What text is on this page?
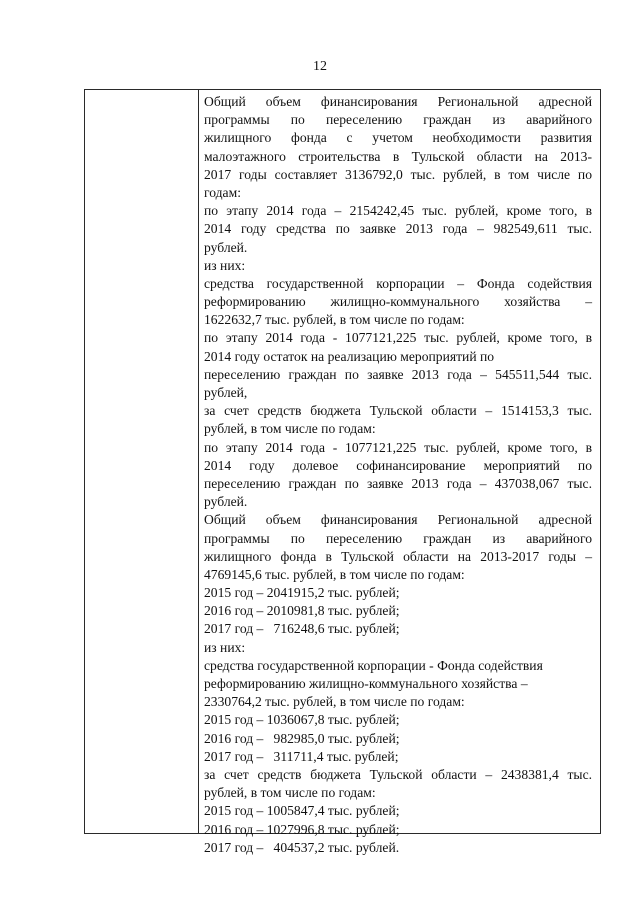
12
Общий объем финансирования Региональной адресной
программы по переселению граждан из аварийного
жилищного фонда с учетом необходимости развития
малоэтажного строительства в Тульской области на 2013-
2017 годы составляет 3136792,0 тыс. рублей, в том числе по
годам:
по этапу 2014 года – 2154242,45 тыс. рублей, кроме того, в
2014 году средства по заявке 2013 года – 982549,611 тыс.
рублей.
из них:
средства государственной корпорации – Фонда содействия
реформированию жилищно-коммунального хозяйства –
1622632,7 тыс. рублей, в том числе по годам:
по этапу 2014 года - 1077121,225 тыс. рублей, кроме того, в
2014 году остаток на реализацию мероприятий по
переселению граждан по заявке 2013 года – 545511,544 тыс.
рублей,
за счет средств бюджета Тульской области – 1514153,3 тыс.
рублей, в том числе по годам:
по этапу 2014 года - 1077121,225 тыс. рублей, кроме того, в
2014 году долевое софинансирование мероприятий по
переселению граждан по заявке 2013 года – 437038,067 тыс.
рублей.
Общий объем финансирования Региональной адресной
программы по переселению граждан из аварийного
жилищного фонда в Тульской области на 2013-2017 годы –
4769145,6 тыс. рублей, в том числе по годам:
2015 год – 2041915,2 тыс. рублей;
2016 год – 2010981,8 тыс. рублей;
2017 год –   716248,6 тыс. рублей;
из них:
средства государственной корпорации - Фонда содействия
реформированию жилищно-коммунального хозяйства –
2330764,2 тыс. рублей, в том числе по годам:
2015 год – 1036067,8 тыс. рублей;
2016 год –   982985,0 тыс. рублей;
2017 год –   311711,4 тыс. рублей;
за счет средств бюджета Тульской области – 2438381,4 тыс.
рублей, в том числе по годам:
2015 год – 1005847,4 тыс. рублей;
2016 год – 1027996,8 тыс. рублей;
2017 год –   404537,2 тыс. рублей.
